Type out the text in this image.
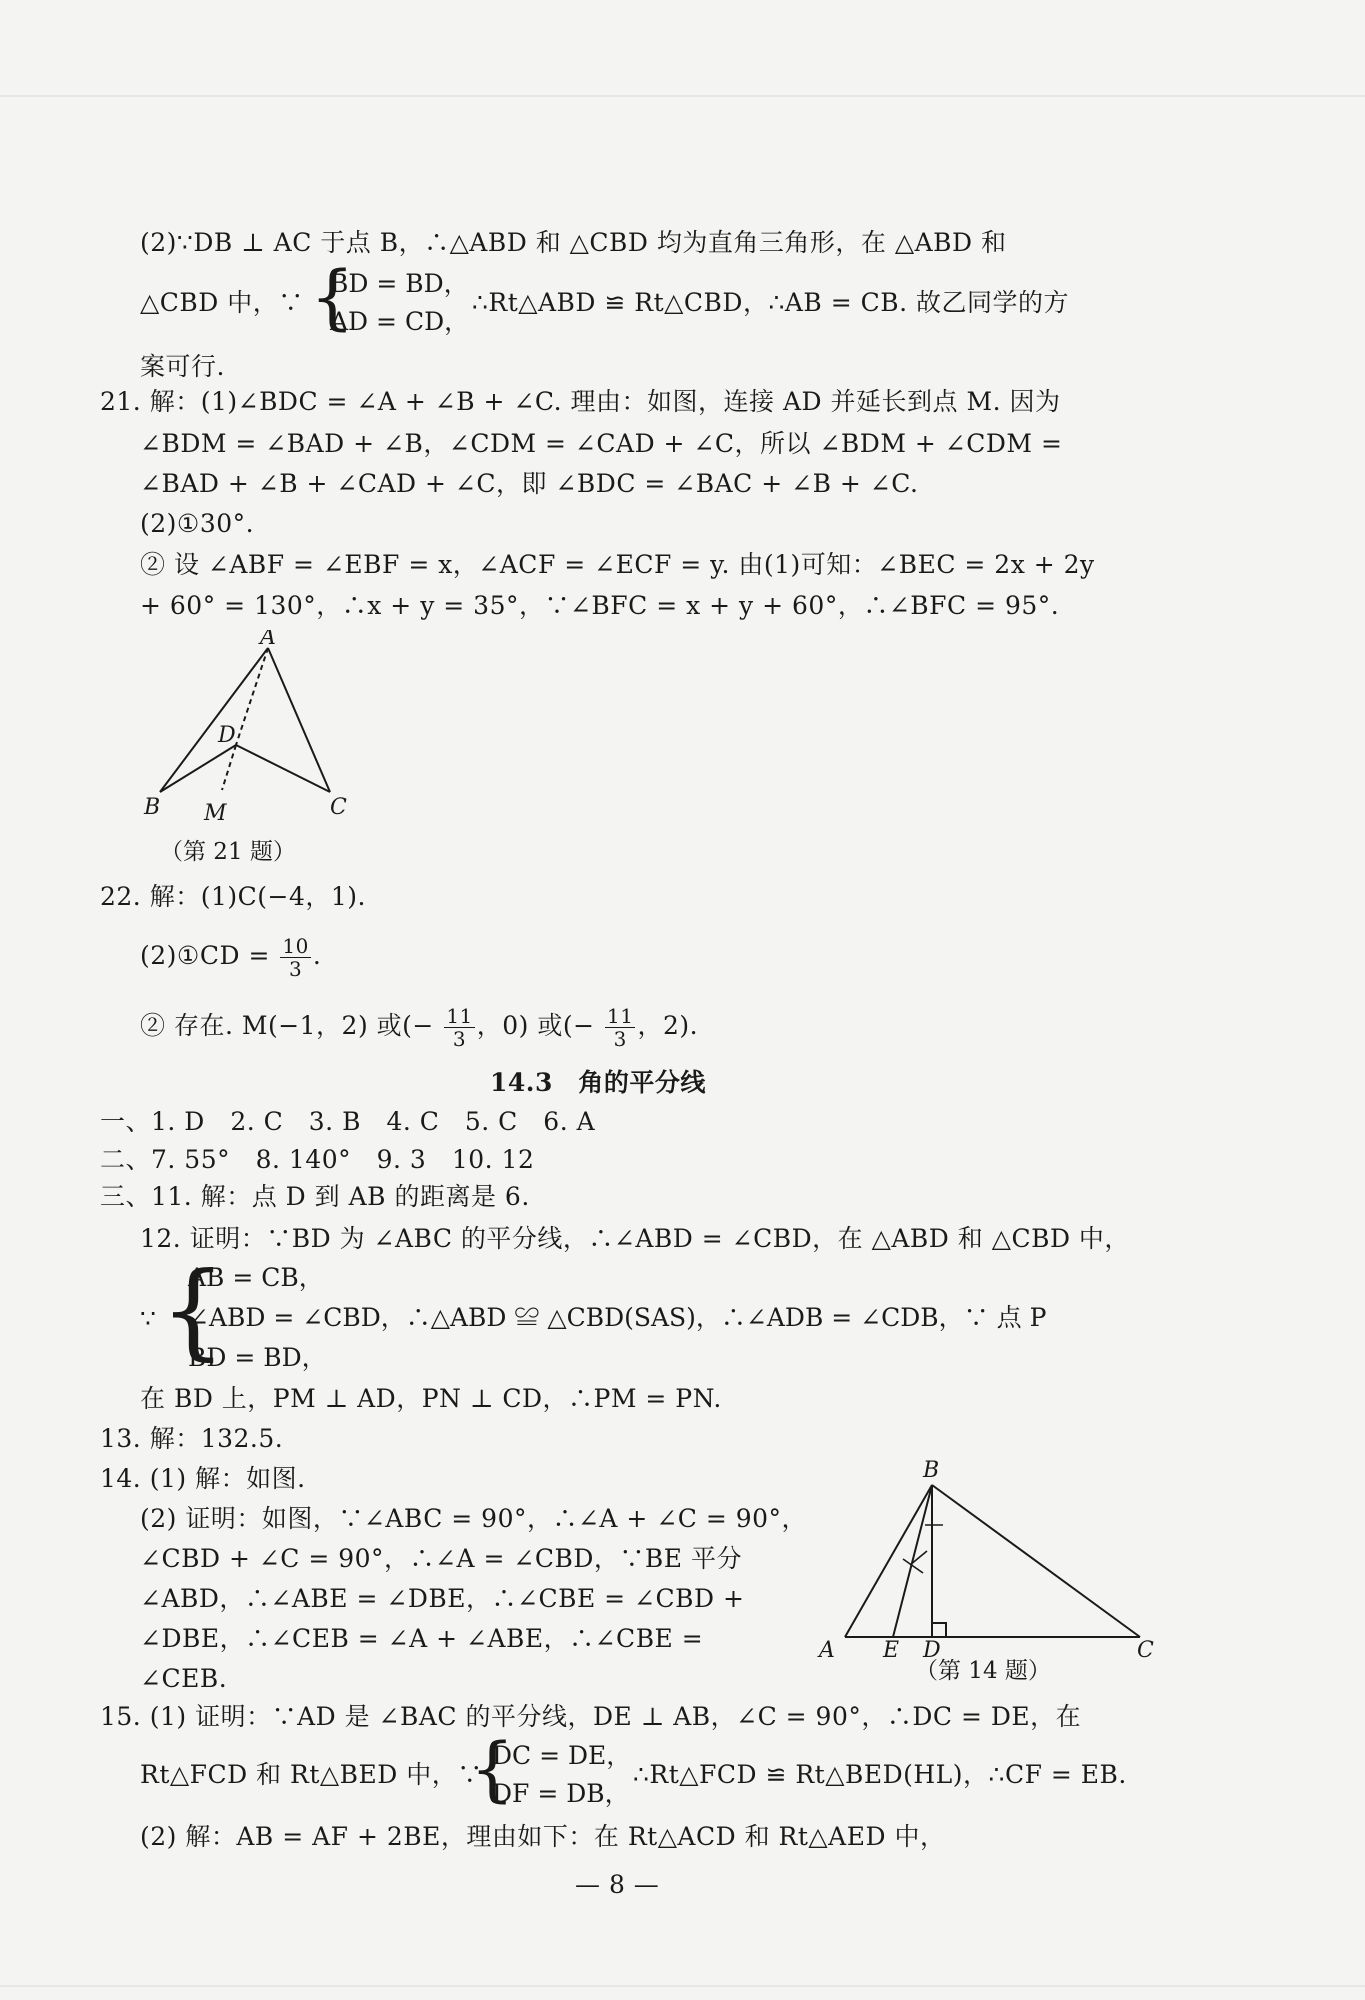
(2)∵DB ⊥ AC 于点 B，∴△ABD 和 △CBD 均为直角三角形，在 △ABD 和
△CBD 中，∵ {
BD = BD，
AD = CD，
∴Rt△ABD ≌ Rt△CBD，∴AB = CB. 故乙同学的方
案可行.
21. 解：(1)∠BDC = ∠A + ∠B + ∠C. 理由：如图，连接 AD 并延长到点 M. 因为
∠BDM = ∠BAD + ∠B，∠CDM = ∠CAD + ∠C，所以 ∠BDM + ∠CDM =
∠BAD + ∠B + ∠CAD + ∠C，即 ∠BDC = ∠BAC + ∠B + ∠C.
(2)①30°.
② 设 ∠ABF = ∠EBF = x，∠ACF = ∠ECF = y. 由(1)可知：∠BEC = 2x + 2y
+ 60° = 130°，∴x + y = 35°，∵∠BFC = x + y + 60°，∴∠BFC = 95°.
A
D
B M	C
（第 21 题）
22. 解：(1)C(−4，1).
(2)①CD = $\frac{10}{3}$ .
② 存在. M(−1，2) 或(− $\frac{11}{3}$ ，0) 或(− $\frac{11}{3}$ ，2).
14.3　角的平分线
一、1. D　2. C　3. B　4. C　5. C　6. A
二、7. 55°　8. 140°　9. 3　10. 12
三、11. 解：点 D 到 AB 的距离是 6.
12. 证明：∵BD 为 ∠ABC 的平分线，∴∠ABD = ∠CBD，在 △ABD 和 △CBD 中，
∵ {
AB = CB，
∠ABD = ∠CBD，∴△ABD ≌ △CBD(SAS)，∴∠ADB = ∠CDB，∵ 点 P
BD = BD，
在 BD 上，PM ⊥ AD，PN ⊥ CD，∴PM = PN.
13. 解：132.5.
14. (1) 解：如图.
(2) 证明：如图，∵∠ABC = 90°，∴∠A + ∠C = 90°，
∠CBD + ∠C = 90°，∴∠A = ∠CBD，∵BE 平分
∠ABD，∴∠ABE = ∠DBE，∴∠CBE = ∠CBD +
∠DBE，∴∠CEB = ∠A + ∠ABE，∴∠CBE =
∠CEB.
B
A E D	C
（第 14 题）
15. (1) 证明：∵AD 是 ∠BAC 的平分线，DE ⊥ AB，∠C = 90°，∴DC = DE，在
Rt△FCD 和 Rt△BED 中，∵
{
DC = DE，
DF = DB，
∴Rt△FCD ≌ Rt△BED(HL)，∴CF = EB.
(2) 解：AB = AF + 2BE，理由如下：在 Rt△ACD 和 Rt△AED 中，
— 8 —
